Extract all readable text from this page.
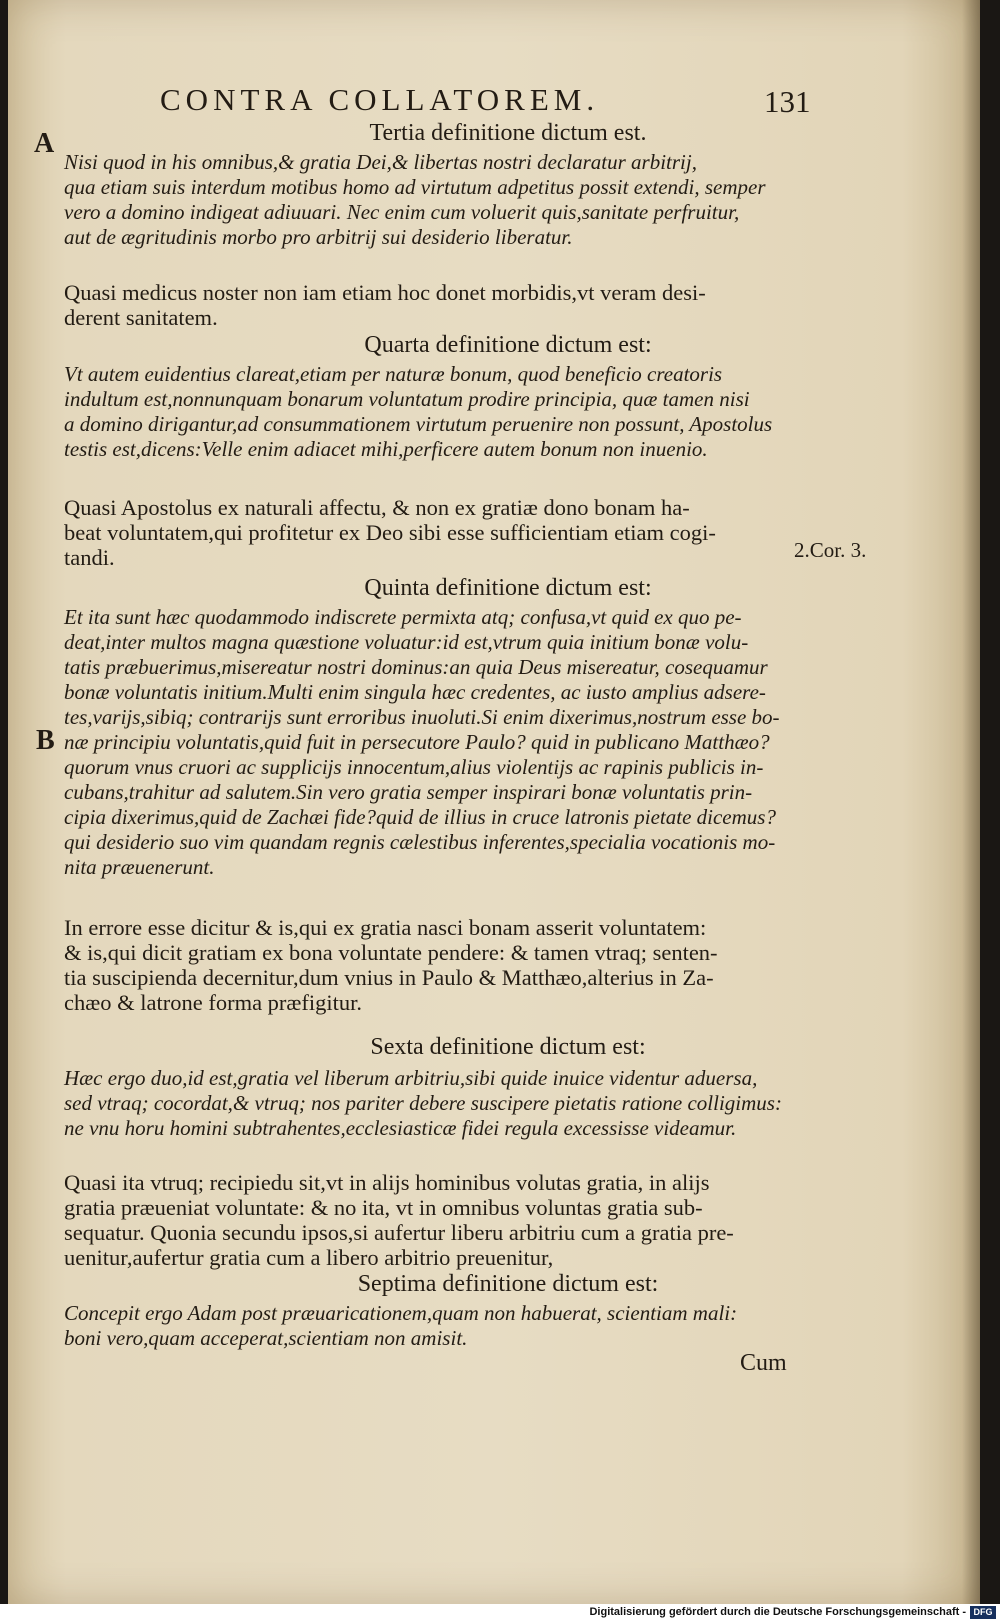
CONTRA COLLATOREM.	131
A
B
2.Cor. 3.
Tertia definitione dictum est.
Nisi quod in his omnibus,& gratia Dei,& libertas nostri declaratur arbitrij,
qua etiam suis interdum motibus homo ad virtutum adpetitus possit extendi, semper
vero a domino indigeat adiuuari. Nec enim cum voluerit quis,sanitate perfruitur,
aut de ægritudinis morbo pro arbitrij sui desiderio liberatur.
Quasi medicus noster non iam etiam hoc donet morbidis,vt veram desi-
derent sanitatem.
Quarta definitione dictum est:
Vt autem euidentius clareat,etiam per naturæ bonum, quod beneficio creatoris
indultum est,nonnunquam bonarum voluntatum prodire principia, quæ tamen nisi
a domino dirigantur,ad consummationem virtutum peruenire non possunt, Apostolus
testis est,dicens:Velle enim adiacet mihi,perficere autem bonum non inuenio.
Quasi Apostolus ex naturali affectu, & non ex gratiæ dono bonam ha-
beat voluntatem,qui profitetur ex Deo sibi esse sufficientiam etiam cogi-
tandi.
Quinta definitione dictum est:
Et ita sunt hæc quodammodo indiscrete permixta atq; confusa,vt quid ex quo pe-
deat,inter multos magna quæstione voluatur:id est,vtrum quia initium bonæ volu-
tatis præbuerimus,misereatur nostri dominus:an quia Deus misereatur, cosequamur
bonæ voluntatis initium.Multi enim singula hæc credentes, ac iusto amplius adsere-
tes,varijs,sibiq; contrarijs sunt erroribus inuoluti.Si enim dixerimus,nostrum esse bo-
næ principiu voluntatis,quid fuit in persecutore Paulo? quid in publicano Matthæo?
quorum vnus cruori ac supplicijs innocentum,alius violentijs ac rapinis publicis in-
cubans,trahitur ad salutem.Sin vero gratia semper inspirari bonæ voluntatis prin-
cipia dixerimus,quid de Zachæi fide?quid de illius in cruce latronis pietate dicemus?
qui desiderio suo vim quandam regnis cælestibus inferentes,specialia vocationis mo-
nita præuenerunt.
In errore esse dicitur & is,qui ex gratia nasci bonam asserit voluntatem:
& is,qui dicit gratiam ex bona voluntate pendere: & tamen vtraq; senten-
tia suscipienda decernitur,dum vnius in Paulo & Matthæo,alterius in Za-
chæo & latrone forma præfigitur.
Sexta definitione dictum est:
Hæc ergo duo,id est,gratia vel liberum arbitriu,sibi quide inuice videntur aduersa,
sed vtraq; cocordat,& vtruq; nos pariter debere suscipere pietatis ratione colligimus:
ne vnu horu homini subtrahentes,ecclesiasticæ fidei regula excessisse videamur.
Quasi ita vtruq; recipiedu sit,vt in alijs hominibus volutas gratia, in alijs
gratia præueniat voluntate: & no ita, vt in omnibus voluntas gratia sub-
sequatur. Quonia secundu ipsos,si aufertur liberu arbitriu cum a gratia pre-
uenitur,aufertur gratia cum a libero arbitrio preuenitur,
Septima definitione dictum est:
Concepit ergo Adam post præuaricationem,quam non habuerat, scientiam mali:
boni vero,quam acceperat,scientiam non amisit.
Cum
Digitalisierung gefördert durch die Deutsche Forschungsgemeinschaft - DFG
